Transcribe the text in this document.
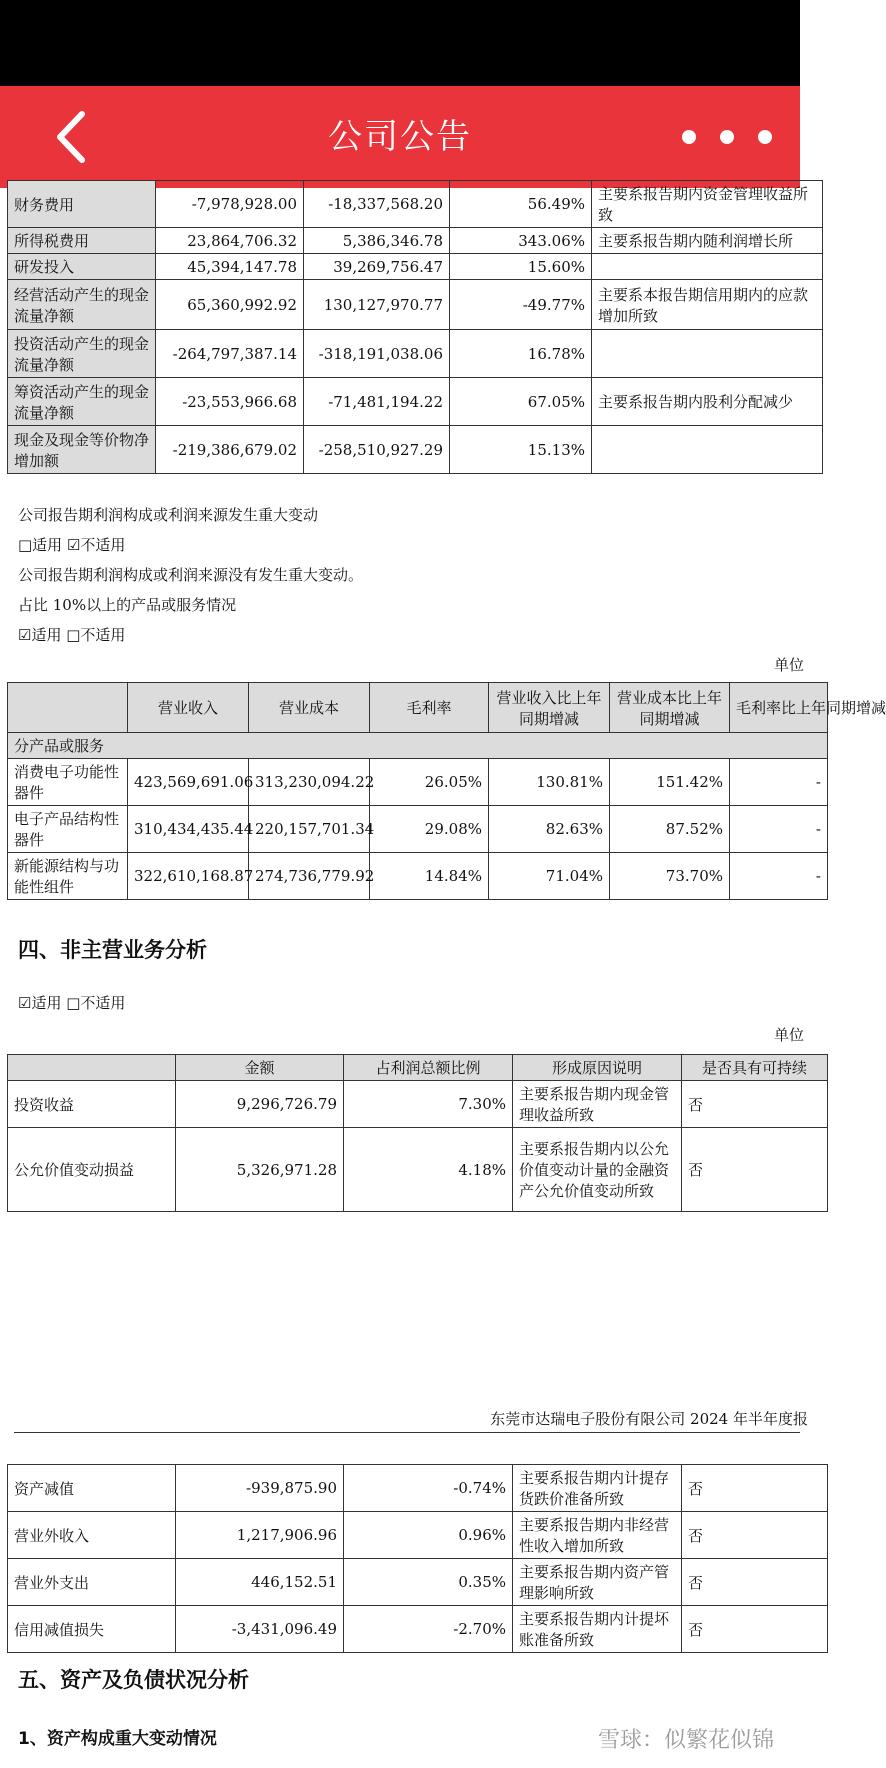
公司公告
财务费用	-7,978,928.00	-18,337,568.20	56.49%	主要系报告期内资金管理收益所致
所得税费用	23,864,706.32	5,386,346.78	343.06%	主要系报告期内随利润增长所
研发投入	45,394,147.78	39,269,756.47	15.60%	
经营活动产生的现金流量净额	65,360,992.92	130,127,970.77	-49.77%	主要系本报告期信用期内的应款增加所致
投资活动产生的现金流量净额	-264,797,387.14	-318,191,038.06	16.78%	
筹资活动产生的现金流量净额	-23,553,966.68	-71,481,194.22	67.05%	主要系报告期内股利分配减少
现金及现金等价物净增加额	-219,386,679.02	-258,510,927.29	15.13%	
公司报告期利润构成或利润来源发生重大变动
□适用 ☑不适用
公司报告期利润构成或利润来源没有发生重大变动。
占比 10%以上的产品或服务情况
☑适用 □不适用
单位
	营业收入	营业成本	毛利率	营业收入比上年同期增减	营业成本比上年同期增减	毛利率比上年同期增减
分产品或服务						
消费电子功能性器件	423,569,691.06	313,230,094.22	26.05%	130.81%	151.42%	-
电子产品结构性器件	310,434,435.44	220,157,701.34	29.08%	82.63%	87.52%	-
新能源结构与功能性组件	322,610,168.87	274,736,779.92	14.84%	71.04%	73.70%	-
四、非主营业务分析
☑适用 □不适用
单位
	金额	占利润总额比例	形成原因说明	是否具有可持续
投资收益	9,296,726.79	7.30%	主要系报告期内现金管理收益所致	否
公允价值变动损益	5,326,971.28	4.18%	主要系报告期内以公允价值变动计量的金融资产公允价值变动所致	否
东莞市达瑞电子股份有限公司 2024 年半年度报
资产减值	-939,875.90	-0.74%	主要系报告期内计提存货跌价准备所致	否
营业外收入	1,217,906.96	0.96%	主要系报告期内非经营性收入增加所致	否
营业外支出	446,152.51	0.35%	主要系报告期内资产管理影响所致	否
信用减值损失	-3,431,096.49	-2.70%	主要系报告期内计提坏账准备所致	否
五、资产及负债状况分析
1、资产构成重大变动情况	雪球：似繁花似锦
